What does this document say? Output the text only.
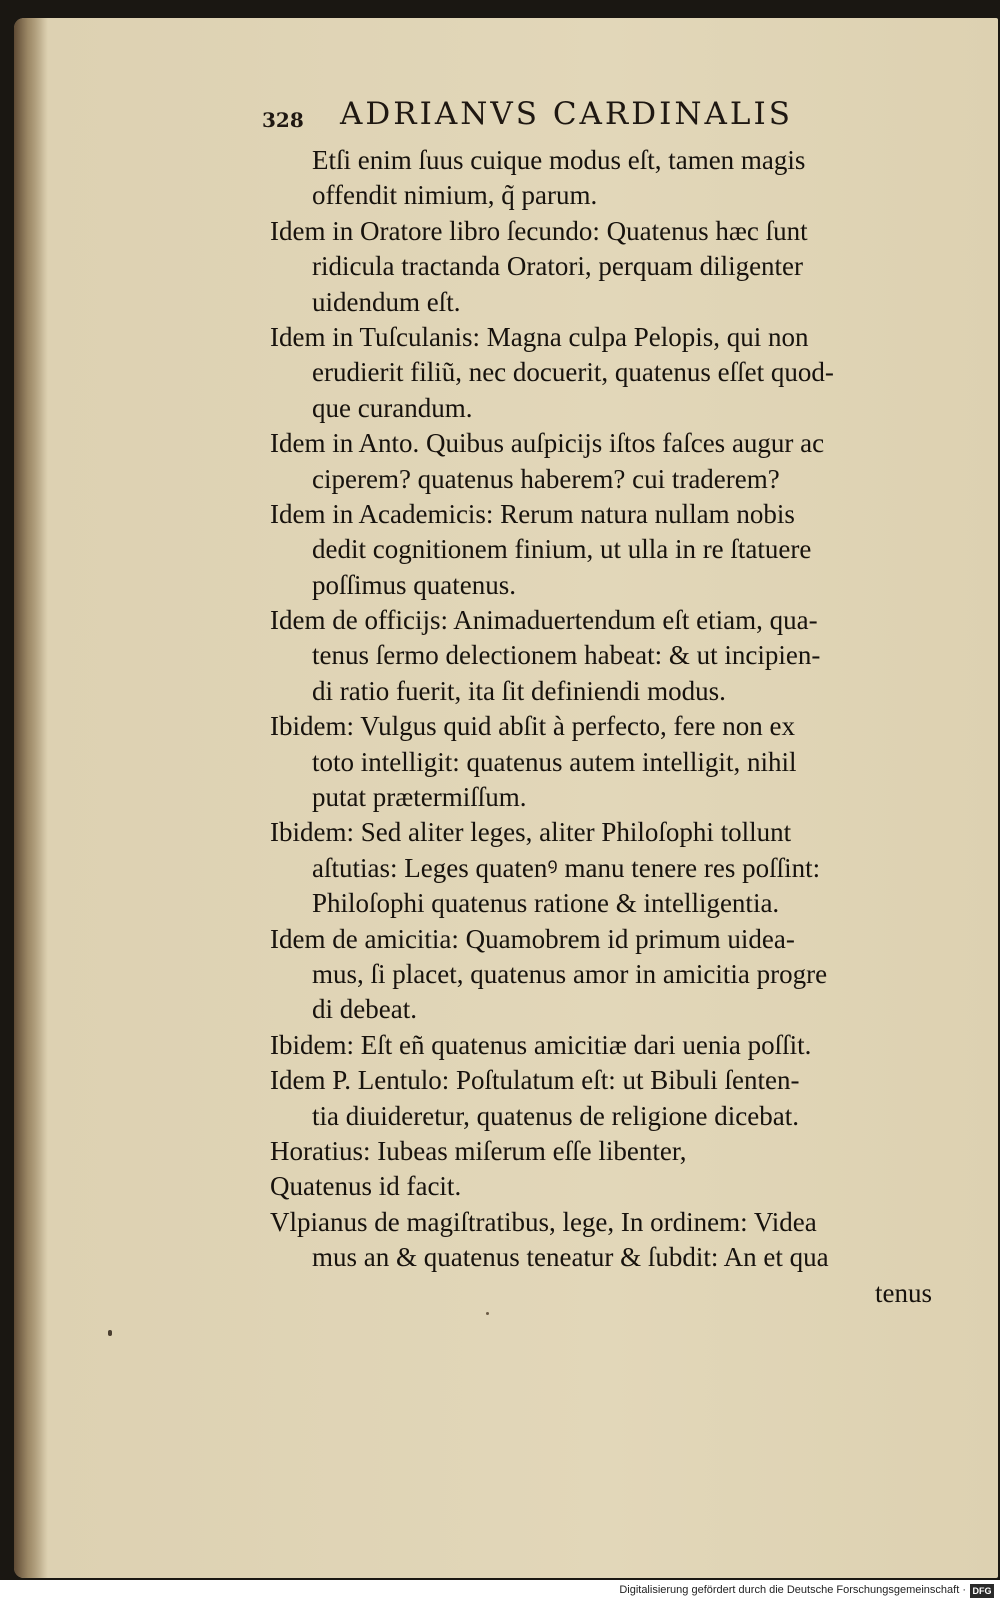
328 ADRIANVS CARDINALIS
Etſi enim ſuus cuique modus eſt, tamen magis
offendit nimium, q̃ parum.
Idem in Oratore libro ſecundo: Quatenus hæc ſunt
ridicula tractanda Oratori, perquam diligenter
uidendum eſt.
Idem in Tuſculanis: Magna culpa Pelopis, qui non
erudierit filiũ, nec docuerit, quatenus eſſet quod-
que curandum.
Idem in Anto. Quibus auſpicijs iſtos faſces augur ac
ciperem? quatenus haberem? cui traderem?
Idem in Academicis: Rerum natura nullam nobis
dedit cognitionem finium, ut ulla in re ſtatuere
poſſimus quatenus.
Idem de officijs: Animaduertendum eſt etiam, qua-
tenus ſermo delectionem habeat: & ut incipien-
di ratio fuerit, ita ſit definiendi modus.
Ibidem: Vulgus quid abſit à perfecto, fere non ex
toto intelligit: quatenus autem intelligit, nihil
putat prætermiſſum.
Ibidem: Sed aliter leges, aliter Philoſophi tollunt
aſtutias: Leges quatenꝰ manu tenere res poſſint:
Philoſophi quatenus ratione & intelligentia.
Idem de amicitia: Quamobrem id primum uidea-
mus, ſi placet, quatenus amor in amicitia progre
di debeat.
Ibidem: Eſt eñ quatenus amicitiæ dari uenia poſſit.
Idem P. Lentulo: Poſtulatum eſt: ut Bibuli ſenten-
tia diuideretur, quatenus de religione dicebat.
Horatius: Iubeas miſerum eſſe libenter,
Quatenus id facit.
Vlpianus de magiſtratibus, lege, In ordinem: Videa
mus an & quatenus teneatur & ſubdit: An et qua
tenus
Digitalisierung gefördert durch die Deutsche Forschungsgemeinschaft · DFG
